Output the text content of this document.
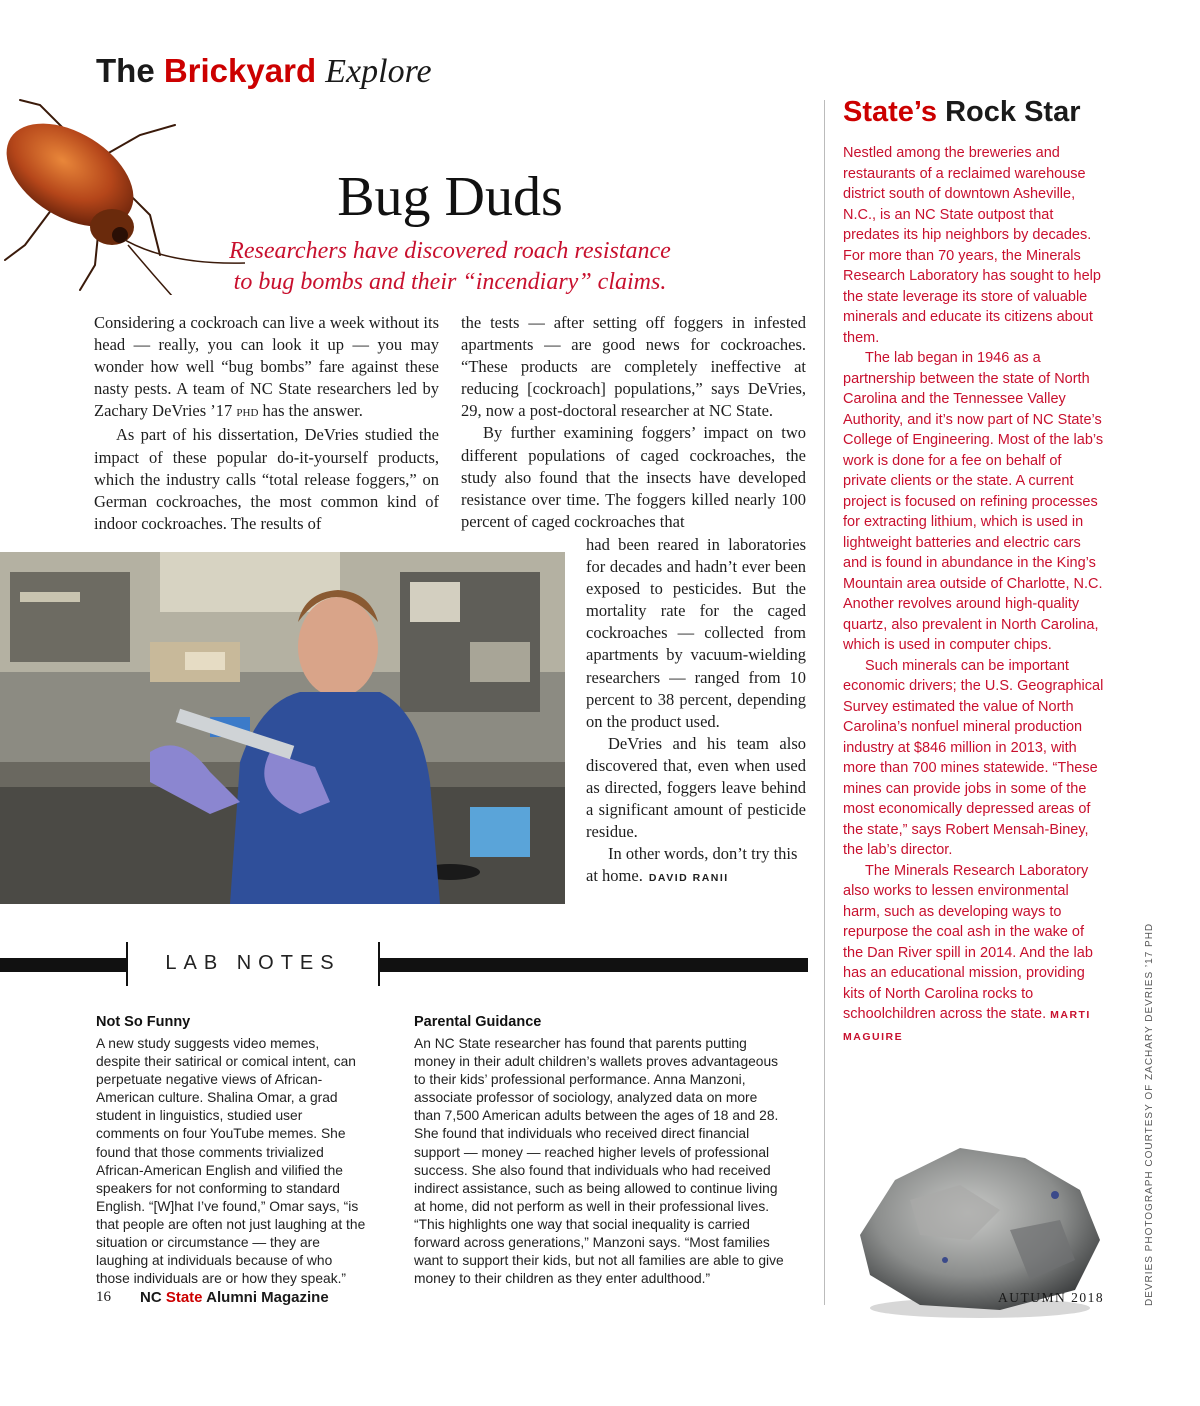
The Brickyard Explore
Bug Duds
Researchers have discovered roach resistance
to bug bombs and their “incendiary” claims.

Considering a cockroach can live a week without its head — really, you can look it up — you may wonder how well “bug bombs” fare against these nasty pests. A team of NC State researchers led by Zachary DeVries ’17 PHD has the answer.

As part of his dissertation, DeVries studied the impact of these popular do-it-yourself products, which the industry calls “total release foggers,” on German cockroaches, the most common kind of indoor cockroaches. The results of

the tests — after setting off foggers in infested apartments — are good news for cockroaches. “These products are completely ineffective at reducing [cockroach] populations,” says DeVries, 29, now a post-doctoral researcher at NC State.

By further examining foggers’ impact on two different populations of caged cockroaches, the study also found that the insects have developed resistance over time. The foggers killed nearly 100 percent of caged cockroaches that

had been reared in laboratories for decades and hadn’t ever been exposed to pesticides. But the mortality rate for the caged cockroaches — collected from apartments by vacuum-wielding researchers — ranged from 10 percent to 38 percent, depending on the product used.

DeVries and his team also discovered that, even when used as directed, foggers leave behind a significant amount of pesticide residue.

In other words, don’t try this at home. DAVID RANII

State’s Rock Star

Nestled among the breweries and restaurants of a reclaimed warehouse district south of downtown Asheville, N.C., is an NC State outpost that predates its hip neighbors by decades. For more than 70 years, the Minerals Research Laboratory has sought to help the state leverage its store of valuable minerals and educate its citizens about them.

The lab began in 1946 as a partnership between the state of North Carolina and the Tennessee Valley Authority, and it’s now part of NC State’s College of Engineering. Most of the lab’s work is done for a fee on behalf of private clients or the state. A current project is focused on refining processes for extracting lithium, which is used in lightweight batteries and electric cars and is found in abundance in the King’s Mountain area outside of Charlotte, N.C. Another revolves around high-quality quartz, also prevalent in North Carolina, which is used in computer chips.

Such minerals can be important economic drivers; the U.S. Geographical Survey estimated the value of North Carolina’s nonfuel mineral production industry at $846 million in 2013, with more than 700 mines statewide. “These mines can provide jobs in some of the most economically depressed areas of the state,” says Robert Mensah-Biney, the lab’s director.

The Minerals Research Laboratory also works to lessen environmental harm, such as developing ways to repurpose the coal ash in the wake of the Dan River spill in 2014. And the lab has an educational mission, providing kits of North Carolina rocks to schoolchildren across the state. MARTI MAGUIRE	DEVRIES PHOTOGRAPH COURTESY OF ZACHARY DEVRIES ’17 PHD
LAB NOTES
Not So Funny
A new study suggests video memes, despite their satirical or comical intent, can perpetuate negative views of African-American culture. Shalina Omar, a grad student in linguistics, studied user comments on four YouTube memes. She found that those comments trivialized African-American English and vilified the speakers for not conforming to standard English. “[W]hat I’ve found,” Omar says, “is that people are often not just laughing at the situation or circumstance — they are laughing at individuals because of who those individuals are or how they speak.”
Parental Guidance
An NC State researcher has found that parents putting money in their adult children’s wallets proves advantageous to their kids’ professional performance. Anna Manzoni, associate professor of sociology, analyzed data on more than 7,500 American adults between the ages of 18 and 28. She found that individuals who received direct financial support — money — reached higher levels of professional success. She also found that individuals who had received indirect assistance, such as being allowed to continue living at home, did not perform as well in their professional lives. “This highlights one way that social inequality is carried forward across generations,” Manzoni says. “Most families want to support their kids, but not all families are able to give money to their children as they enter adulthood.”
16 NC State Alumni Magazine	AUTUMN 2018
